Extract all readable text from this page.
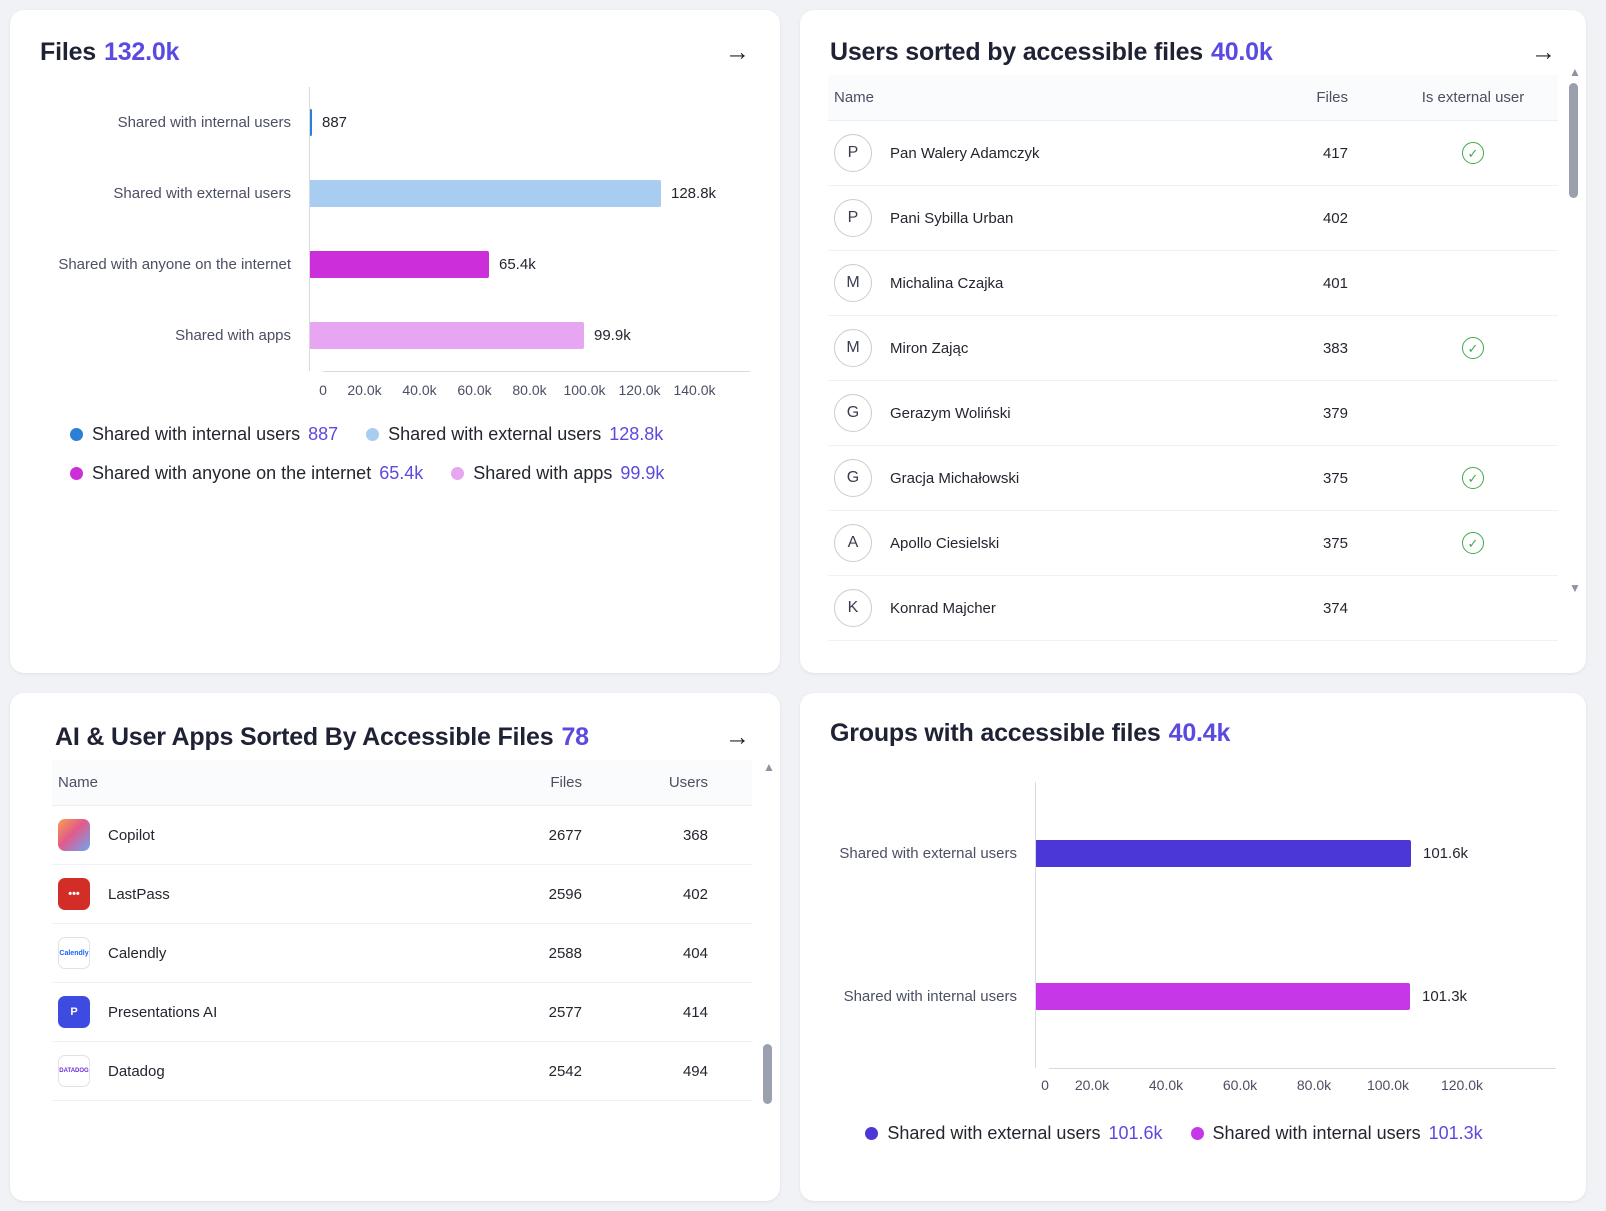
Files 132.0k	→
Shared with internal users	887
Shared with external users	128.8k
Shared with anyone on the internet	65.4k
Shared with apps	99.9k
0	20.0k	40.0k	60.0k	80.0k	100.0k 120.0k 140.0k
Shared with internal users 887	Shared with external users 128.8k
Shared with anyone on the internet 65.4k	Shared with apps 99.9k
Users sorted by accessible files 40.0k	→
Name	Files	Is external user

P Pan Walery Adamczyk	417	✓

P Pani Sybilla Urban	402	

M Michalina Czajka	401	

M Miron Zając	383	✓

G Gerazym Woliński	379	

G Gracja Michałowski	375	✓

A Apollo Ciesielski	375	✓

K Konrad Majcher	374	
▲
▼
AI & User Apps Sorted By Accessible Files 78	→
Name	Files	Users

Copilot	2677	368

••• LastPass	2596	402

Calendly Calendly	2588	404

P Presentations AI	2577	414

DATADOG Datadog	2542	494
▲
Groups with accessible files 40.4k
Shared with external users	101.6k
Shared with internal users	101.3k
0	20.0k	40.0k	60.0k	80.0k	100.0k	120.0k
Shared with external users 101.6k	Shared with internal users 101.3k
